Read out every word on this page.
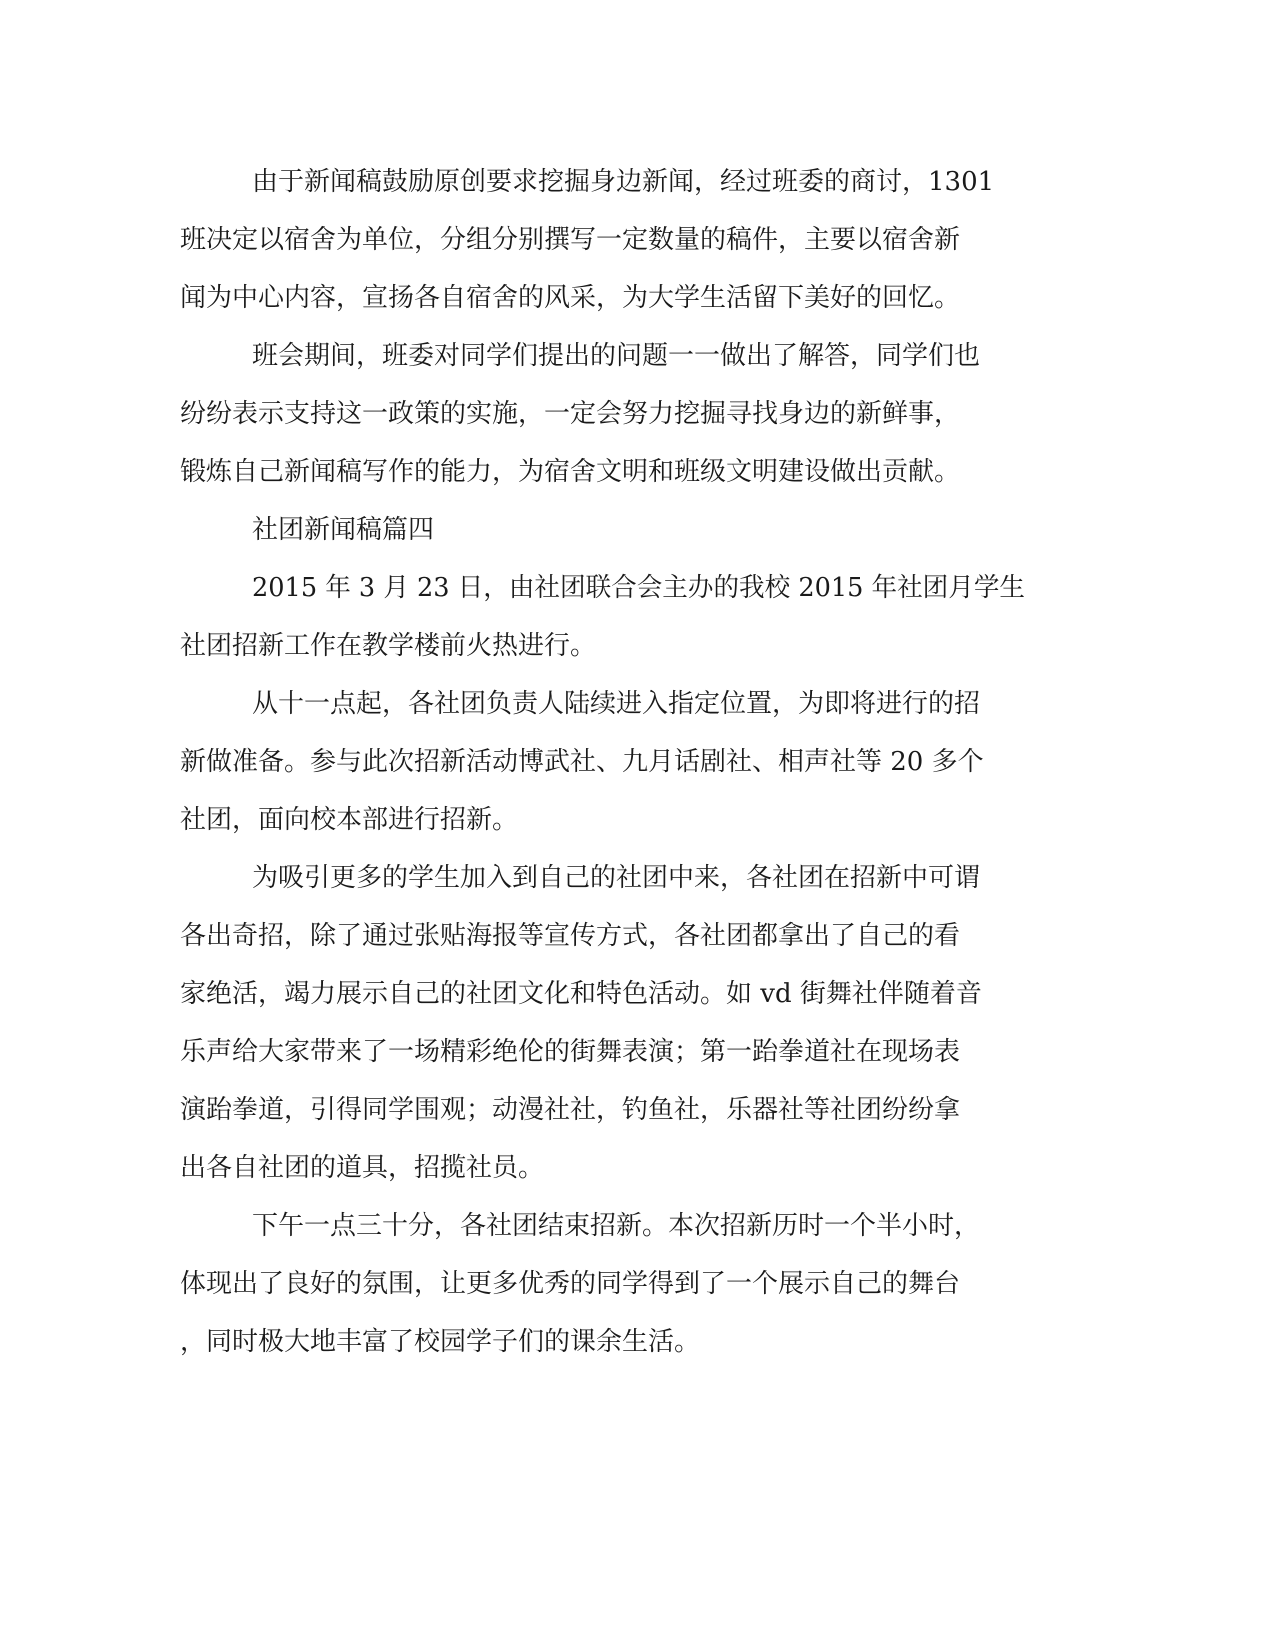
由于新闻稿鼓励原创要求挖掘身边新闻，经过班委的商讨，1301

班决定以宿舍为单位，分组分别撰写一定数量的稿件，主要以宿舍新

闻为中心内容，宣扬各自宿舍的风采，为大学生活留下美好的回忆。

班会期间，班委对同学们提出的问题一一做出了解答，同学们也

纷纷表示支持这一政策的实施，一定会努力挖掘寻找身边的新鲜事，

锻炼自己新闻稿写作的能力，为宿舍文明和班级文明建设做出贡献。

社团新闻稿篇四

2015 年 3 月 23 日，由社团联合会主办的我校 2015 年社团月学生

社团招新工作在教学楼前火热进行。

从十一点起，各社团负责人陆续进入指定位置，为即将进行的招

新做准备。参与此次招新活动博武社、九月话剧社、相声社等 20 多个

社团，面向校本部进行招新。

为吸引更多的学生加入到自己的社团中来，各社团在招新中可谓

各出奇招，除了通过张贴海报等宣传方式，各社团都拿出了自己的看

家绝活，竭力展示自己的社团文化和特色活动。如 vd 街舞社伴随着音

乐声给大家带来了一场精彩绝伦的街舞表演；第一跆拳道社在现场表

演跆拳道，引得同学围观；动漫社社，钓鱼社，乐器社等社团纷纷拿

出各自社团的道具，招揽社员。

下午一点三十分，各社团结束招新。本次招新历时一个半小时，

体现出了良好的氛围，让更多优秀的同学得到了一个展示自己的舞台

，同时极大地丰富了校园学子们的课余生活。
